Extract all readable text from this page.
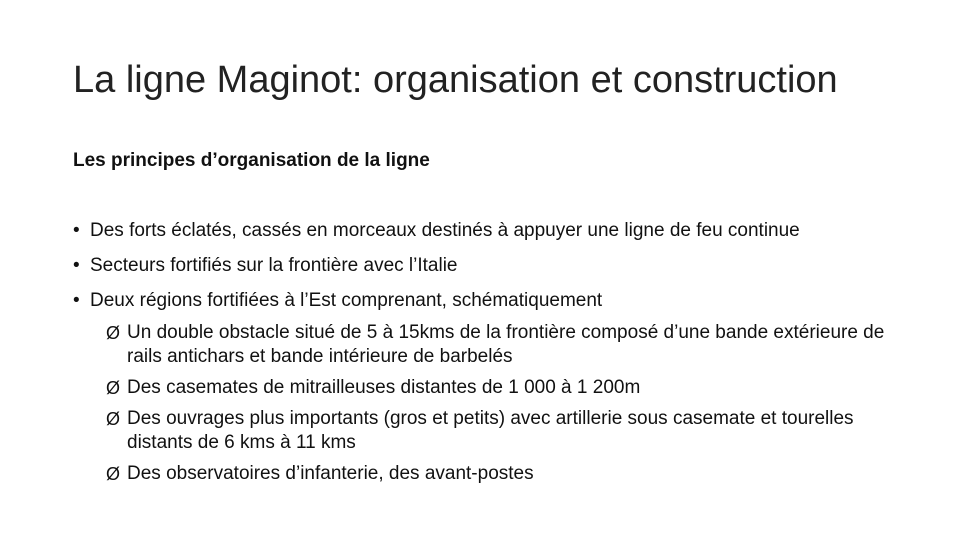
La ligne Maginot: organisation et construction
Les principes d’organisation de la ligne
• Des forts éclatés, cassés en morceaux destinés à appuyer une ligne de feu continue
• Secteurs fortifiés sur la frontière avec l’Italie
• Deux régions fortifiées à l’Est comprenant, schématiquement
Ø Un double obstacle situé de 5 à 15kms de la frontière composé d’une bande extérieure de rails antichars et bande intérieure de barbelés
Ø Des casemates de mitrailleuses distantes de 1 000 à 1 200m
Ø Des ouvrages plus importants (gros et petits) avec artillerie sous casemate et tourelles distants de 6 kms à 11 kms
Ø Des observatoires d’infanterie, des avant-postes
